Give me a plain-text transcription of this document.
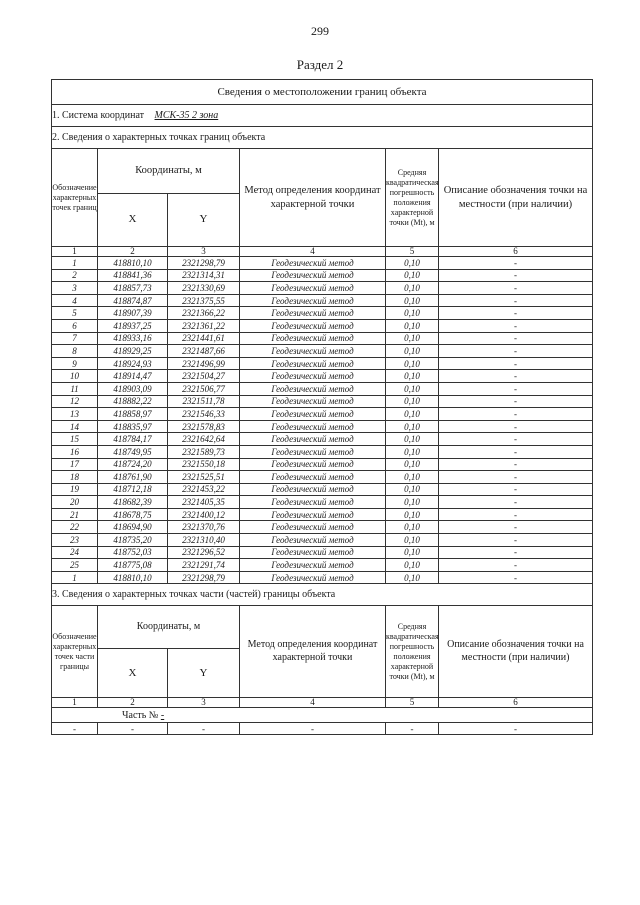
299
Раздел 2
Сведения о местоположении границ объекта					
1. Система координат МСК-35 2 зона					
2. Сведения о характерных точках границ объекта					
Обозначение характерных точек границ	Координаты, м		Метод определения координат характерной точки	Средняя квадратическая погрешность положения характерной точки (Mt), м	Описание обозначения точки на местности (при наличии)
	X	Y			
1	2	3	4	5	6
1	418810,10	2321298,79	Геодезический метод	0,10	-
2	418841,36	2321314,31	Геодезический метод	0,10	-
3	418857,73	2321330,69	Геодезический метод	0,10	-
4	418874,87	2321375,55	Геодезический метод	0,10	-
5	418907,39	2321366,22	Геодезический метод	0,10	-
6	418937,25	2321361,22	Геодезический метод	0,10	-
7	418933,16	2321441,61	Геодезический метод	0,10	-
8	418929,25	2321487,66	Геодезический метод	0,10	-
9	418924,93	2321496,99	Геодезический метод	0,10	-
10	418914,47	2321504,27	Геодезический метод	0,10	-
11	418903,09	2321506,77	Геодезический метод	0,10	-
12	418882,22	2321511,78	Геодезический метод	0,10	-
13	418858,97	2321546,33	Геодезический метод	0,10	-
14	418835,97	2321578,83	Геодезический метод	0,10	-
15	418784,17	2321642,64	Геодезический метод	0,10	-
16	418749,95	2321589,73	Геодезический метод	0,10	-
17	418724,20	2321550,18	Геодезический метод	0,10	-
18	418761,90	2321525,51	Геодезический метод	0,10	-
19	418712,18	2321453,22	Геодезический метод	0,10	-
20	418682,39	2321405,35	Геодезический метод	0,10	-
21	418678,75	2321400,12	Геодезический метод	0,10	-
22	418694,90	2321370,76	Геодезический метод	0,10	-
23	418735,20	2321310,40	Геодезический метод	0,10	-
24	418752,03	2321296,52	Геодезический метод	0,10	-
25	418775,08	2321291,74	Геодезический метод	0,10	-
1	418810,10	2321298,79	Геодезический метод	0,10	-
3. Сведения о характерных точках части (частей) границы объекта					
Обозначение характерных точек части границы	Координаты, м		Метод определения координат характерной точки	Средняя квадратическая погрешность положения характерной точки (Mt), м	Описание обозначения точки на местности (при наличии)
	X	Y			
1	2	3	4	5	6
Часть № -					
-	-	-	-	-	-
